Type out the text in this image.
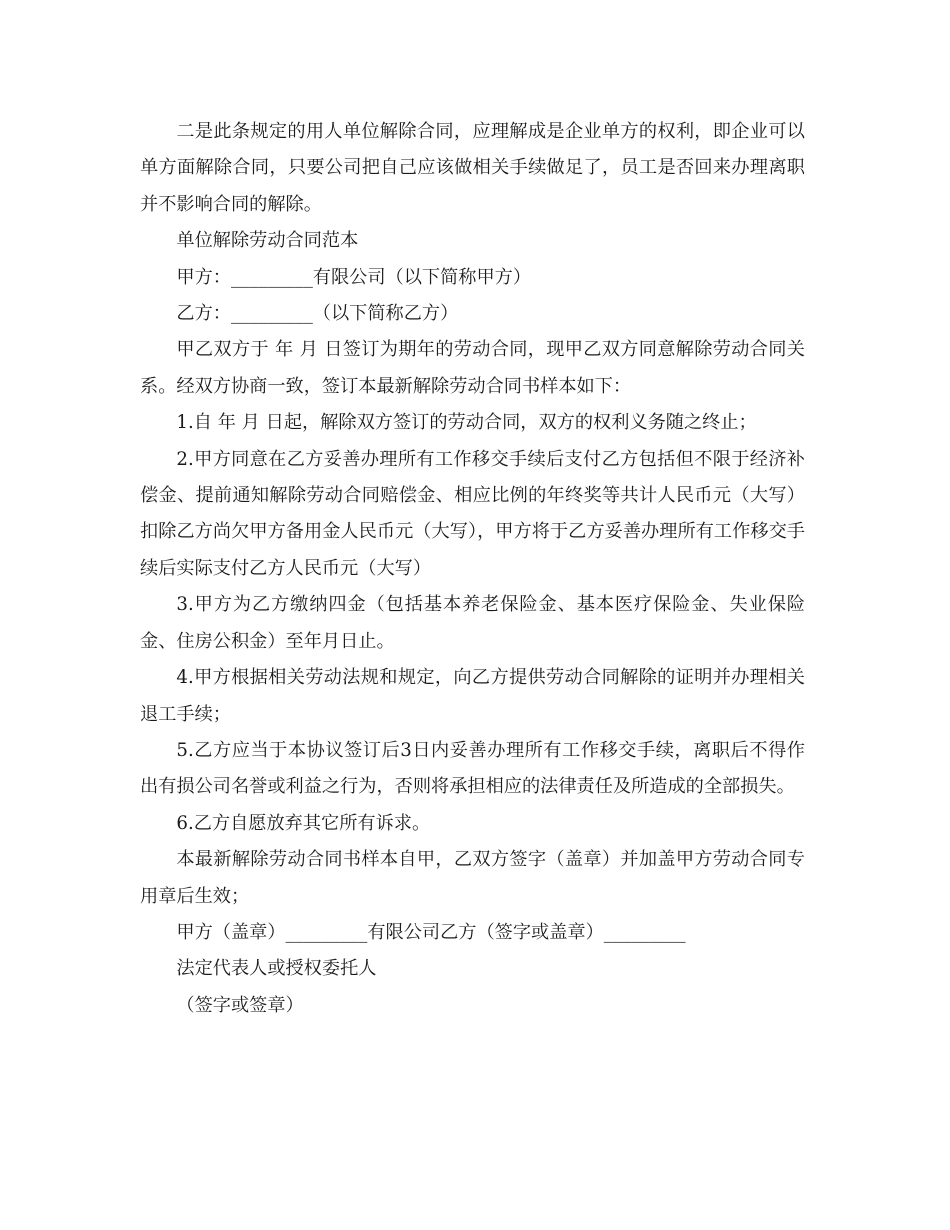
二是此条规定的用人单位解除合同，应理解成是企业单方的权利，即企业可以单方面解除合同，只要公司把自己应该做相关手续做足了，员工是否回来办理离职并不影响合同的解除。

单位解除劳动合同范本

甲方：_________有限公司（以下简称甲方）

乙方：_________（以下简称乙方）

甲乙双方于 年 月 日签订为期年的劳动合同，现甲乙双方同意解除劳动合同关系。经双方协商一致，签订本最新解除劳动合同书样本如下：

1.自 年 月 日起，解除双方签订的劳动合同，双方的权利义务随之终止；

2.甲方同意在乙方妥善办理所有工作移交手续后支付乙方包括但不限于经济补偿金、提前通知解除劳动合同赔偿金、相应比例的年终奖等共计人民币元（大写）扣除乙方尚欠甲方备用金人民币元（大写），甲方将于乙方妥善办理所有工作移交手续后实际支付乙方人民币元（大写）

3.甲方为乙方缴纳四金（包括基本养老保险金、基本医疗保险金、失业保险金、住房公积金）至年月日止。

4.甲方根据相关劳动法规和规定，向乙方提供劳动合同解除的证明并办理相关退工手续；

5.乙方应当于本协议签订后3日内妥善办理所有工作移交手续，离职后不得作出有损公司名誉或利益之行为，否则将承担相应的法律责任及所造成的全部损失。

6.乙方自愿放弃其它所有诉求。

本最新解除劳动合同书样本自甲，乙双方签字（盖章）并加盖甲方劳动合同专用章后生效；

甲方（盖章）_________有限公司乙方（签字或盖章）_________

法定代表人或授权委托人

（签字或签章）
